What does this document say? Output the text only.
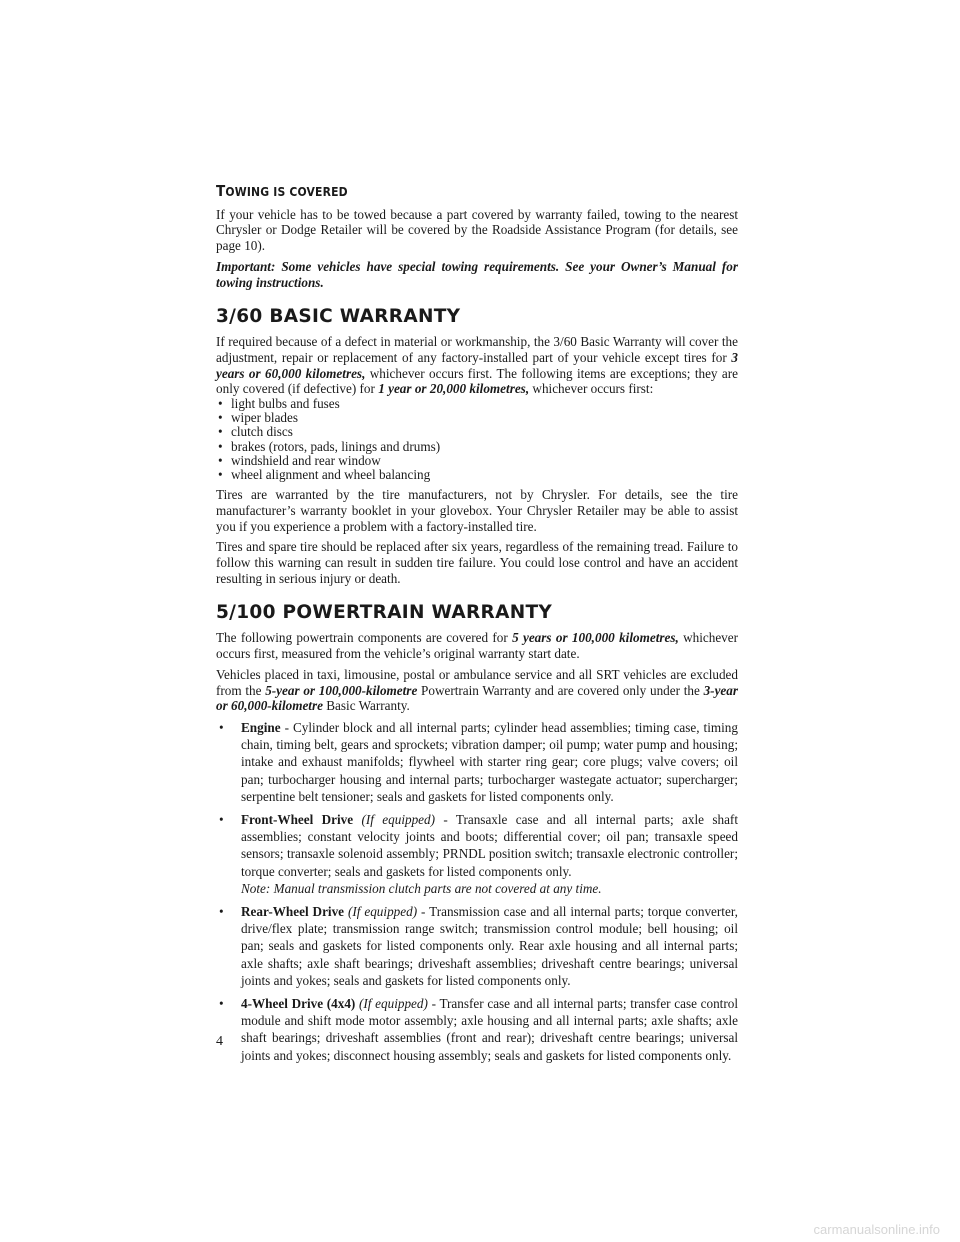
TOWING IS COVERED

If your vehicle has to be towed because a part covered by warranty failed, towing to the nearest Chrysler or Dodge Retailer will be covered by the Roadside Assistance Program (for details, see page 10).

Important: Some vehicles have special towing requirements. See your Owner’s Manual for towing instructions.

3/60 BASIC WARRANTY

If required because of a defect in material or workmanship, the 3/60 Basic Warranty will cover the adjustment, repair or replacement of any factory-installed part of your vehicle except tires for 3 years or 60,000 kilometres, whichever occurs first. The following items are exceptions; they are only covered (if defective) for 1 year or 20,000 kilometres, whichever occurs first:

• light bulbs and fuses
• wiper blades
• clutch discs
• brakes (rotors, pads, linings and drums)
• windshield and rear window
• wheel alignment and wheel balancing

Tires are warranted by the tire manufacturers, not by Chrysler. For details, see the tire manufacturer’s warranty booklet in your glovebox. Your Chrysler Retailer may be able to assist you if you experience a problem with a factory-installed tire.

Tires and spare tire should be replaced after six years, regardless of the remaining tread. Failure to follow this warning can result in sudden tire failure. You could lose control and have an accident resulting in serious injury or death.

5/100 POWERTRAIN WARRANTY

The following powertrain components are covered for 5 years or 100,000 kilometres, whichever occurs first, measured from the vehicle’s original warranty start date.

Vehicles placed in taxi, limousine, postal or ambulance service and all SRT vehicles are excluded from the 5-year or 100,000-kilometre Powertrain Warranty and are covered only under the 3-year or 60,000-kilometre Basic Warranty.

• Engine - Cylinder block and all internal parts; cylinder head assemblies; timing case, timing chain, timing belt, gears and sprockets; vibration damper; oil pump; water pump and housing; intake and exhaust manifolds; flywheel with starter ring gear; core plugs; valve covers; oil pan; turbocharger housing and internal parts; turbocharger wastegate actuator; supercharger; serpentine belt tensioner; seals and gaskets for listed components only.
• Front-Wheel Drive (If equipped) - Transaxle case and all internal parts; axle shaft assemblies; constant velocity joints and boots; differential cover; oil pan; transaxle speed sensors; transaxle solenoid assembly; PRNDL position switch; transaxle electronic controller; torque converter; seals and gaskets for listed components only.
Note: Manual transmission clutch parts are not covered at any time.
• Rear-Wheel Drive (If equipped) - Transmission case and all internal parts; torque converter, drive/flex plate; transmission range switch; transmission control module; bell housing; oil pan; seals and gaskets for listed components only. Rear axle housing and all internal parts; axle shafts; axle shaft bearings; driveshaft assemblies; driveshaft centre bearings; universal joints and yokes; seals and gaskets for listed components only.
• 4-Wheel Drive (4x4) (If equipped) - Transfer case and all internal parts; transfer case control module and shift mode motor assembly; axle housing and all internal parts; axle shafts; axle shaft bearings; driveshaft assemblies (front and rear); driveshaft centre bearings; universal joints and yokes; disconnect housing assembly; seals and gaskets for listed components only.
4
carmanualsonline.info
